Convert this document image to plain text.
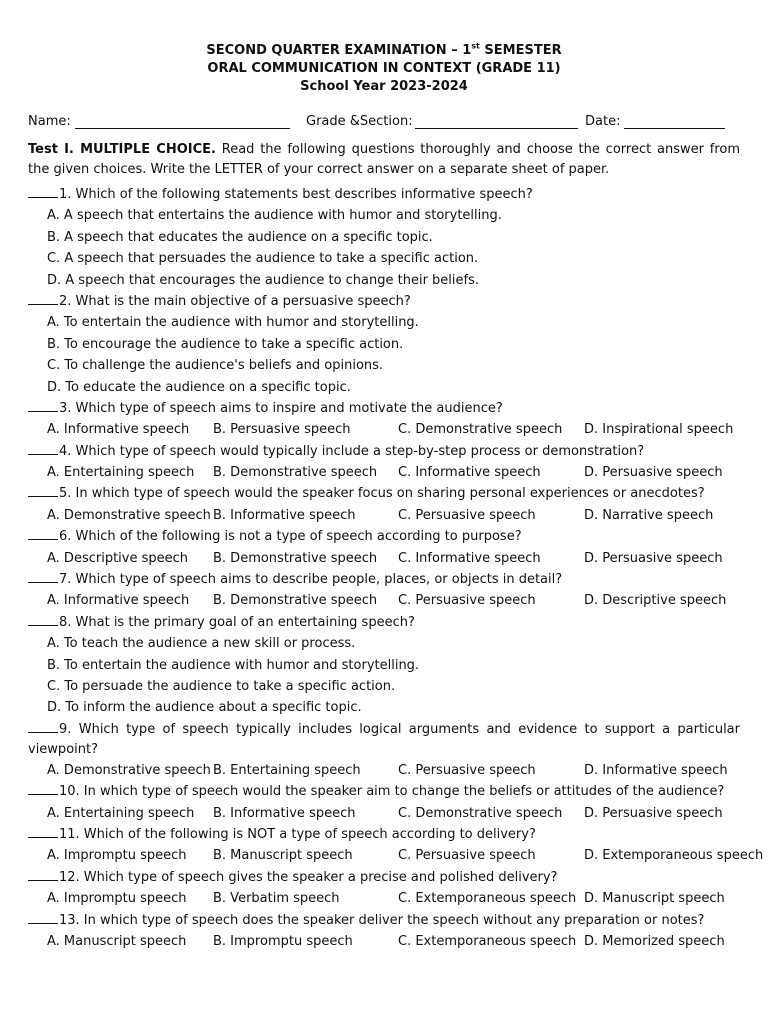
SECOND QUARTER EXAMINATION – 1st SEMESTER
ORAL COMMUNICATION IN CONTEXT (GRADE 11)
School Year 2023-2024
Name:	Grade &Section:	Date:
Test I. MULTIPLE CHOICE. Read the following questions thoroughly and choose the correct answer from the given choices. Write the LETTER of your correct answer on a separate sheet of paper.
1. Which of the following statements best describes informative speech?
A. A speech that entertains the audience with humor and storytelling.
B. A speech that educates the audience on a specific topic.
C. A speech that persuades the audience to take a specific action.
D. A speech that encourages the audience to change their beliefs.
2. What is the main objective of a persuasive speech?
A. To entertain the audience with humor and storytelling.
B. To encourage the audience to take a specific action.
C. To challenge the audience's beliefs and opinions.
D. To educate the audience on a specific topic.
3. Which type of speech aims to inspire and motivate the audience?
A. Informative speech B. Persuasive speech	C. Demonstrative speech D. Inspirational speech
4. Which type of speech would typically include a step-by-step process or demonstration?
A. Entertaining speech B. Demonstrative speech C. Informative speech	D. Persuasive speech
5. In which type of speech would the speaker focus on sharing personal experiences or anecdotes?
A. Demonstrative speech B. Informative speech	C. Persuasive speech	D. Narrative speech
6. Which of the following is not a type of speech according to purpose?
A. Descriptive speech B. Demonstrative speech C. Informative speech	D. Persuasive speech
7. Which type of speech aims to describe people, places, or objects in detail?
A. Informative speech B. Demonstrative speech C. Persuasive speech	D. Descriptive speech
8. What is the primary goal of an entertaining speech?
A. To teach the audience a new skill or process.
B. To entertain the audience with humor and storytelling.
C. To persuade the audience to take a specific action.
D. To inform the audience about a specific topic.
9. Which type of speech typically includes logical arguments and evidence to support a particular viewpoint?
A. Demonstrative speech B. Entertaining speech	C. Persuasive speech	D. Informative speech
10. In which type of speech would the speaker aim to change the beliefs or attitudes of the audience?
A. Entertaining speech B. Informative speech	C. Demonstrative speech D. Persuasive speech
11. Which of the following is NOT a type of speech according to delivery?
A. Impromptu speech B. Manuscript speech	C. Persuasive speech	D. Extemporaneous speech
12. Which type of speech gives the speaker a precise and polished delivery?
A. Impromptu speech B. Verbatim speech	C. Extemporaneous speech D. Manuscript speech
13. In which type of speech does the speaker deliver the speech without any preparation or notes?
A. Manuscript speech B. Impromptu speech	C. Extemporaneous speech D. Memorized speech
